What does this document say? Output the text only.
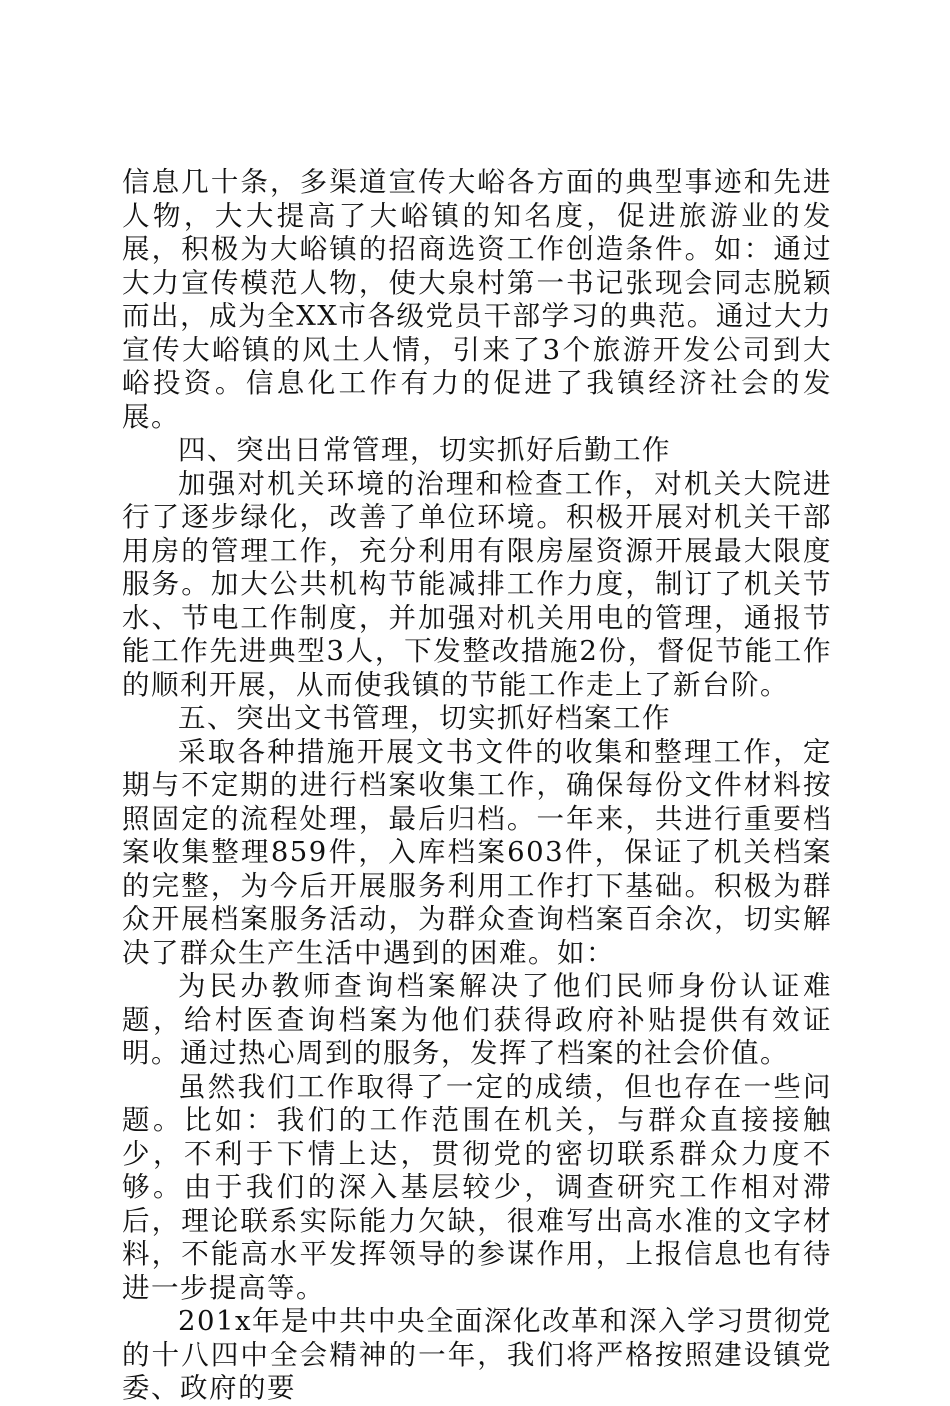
信息几十条，多渠道宣传大峪各方面的典型事迹和先进人物，大大提高了大峪镇的知名度，促进旅游业的发展，积极为大峪镇的招商选资工作创造条件。如：通过大力宣传模范人物，使大泉村第一书记张现会同志脱颖而出，成为全XX市各级党员干部学习的典范。通过大力宣传大峪镇的风土人情，引来了3个旅游开发公司到大峪投资。信息化工作有力的促进了我镇经济社会的发展。

四、突出日常管理，切实抓好后勤工作

加强对机关环境的治理和检查工作，对机关大院进行了逐步绿化，改善了单位环境。积极开展对机关干部用房的管理工作，充分利用有限房屋资源开展最大限度服务。加大公共机构节能减排工作力度，制订了机关节水、节电工作制度，并加强对机关用电的管理，通报节能工作先进典型3人，下发整改措施2份，督促节能工作的顺利开展，从而使我镇的节能工作走上了新台阶。

五、突出文书管理，切实抓好档案工作

采取各种措施开展文书文件的收集和整理工作，定期与不定期的进行档案收集工作，确保每份文件材料按照固定的流程处理，最后归档。一年来，共进行重要档案收集整理859件，入库档案603件，保证了机关档案的完整，为今后开展服务利用工作打下基础。积极为群众开展档案服务活动，为群众查询档案百余次，切实解决了群众生产生活中遇到的困难。如：

为民办教师查询档案解决了他们民师身份认证难题，给村医查询档案为他们获得政府补贴提供有效证明。通过热心周到的服务，发挥了档案的社会价值。

虽然我们工作取得了一定的成绩，但也存在一些问题。比如：我们的工作范围在机关，与群众直接接触少，不利于下情上达，贯彻党的密切联系群众力度不够。由于我们的深入基层较少，调查研究工作相对滞后，理论联系实际能力欠缺，很难写出高水准的文字材料，不能高水平发挥领导的参谋作用，上报信息也有待进一步提高等。

201x年是中共中央全面深化改革和深入学习贯彻党的十八四中全会精神的一年，我们将严格按照建设镇党委、政府的要
